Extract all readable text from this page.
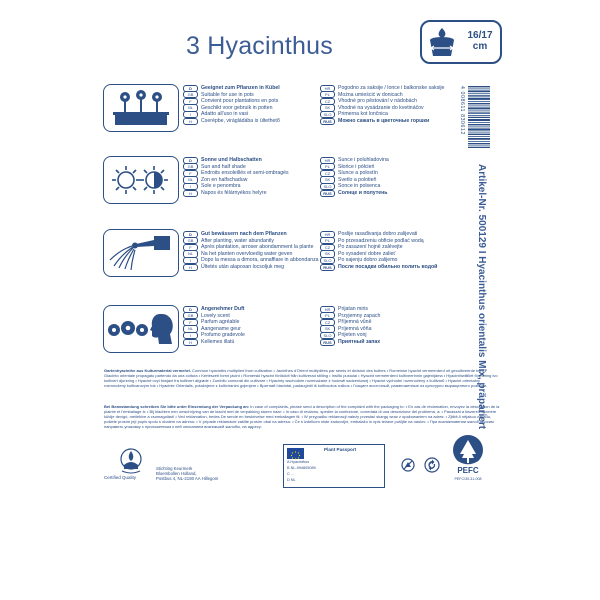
3 Hyacinthus	16/17
cm
D	Geeignet zum Pflanzen in Kübel
GB	Suitable for use in pots
F	Convient pour plantations en pots
NL	Geschikt voor gebruik in potten
I	Adatto all'uso in vasi
H	Cserépbe, virágládába is ültethető
HR	Pogodno za saksije / lonce i balkonske saksije
PL	Można umieścić w donicach
CZ	Vhodné pro pěstování v nádobách
SK	Vhodné na vysádzanie do kvetináčov
SLO	Primerna kot lončnica
RUS	Можно сажать в цветочные горшки
D	Sonne und Halbschatten
GB	Sun and half shade
F	Endroits ensoleillés et semi-ombragés
NL	Zon en halfschaduw
I	Sole e penombra
H	Napos és félárnyékos helyre
HR	Sunce i poluhladovina
PL	Słońce i półcień
CZ	Slunce a polostín
SK	Svetlo a polotieň
SLO	Sonce in polsenca
RUS	Солнце и полутень
D	Gut bewässern nach dem Pflanzen
GB	After planting, water abundantly
F	Après plantation, arroser abondamment la plante
NL	Na het planten overvloedig water geven
I	Dopo la messa a dimora, annaffiare in abbondanza
H	Ültetés után alaposan locsoljuk meg
HR	Poslije rasađivanja dobro zalijevati
PL	Po przesadzeniu obficie podlać wodą
CZ	Po zasazení hojně zalévejte
SK	Po vysadení dobre zalieť
SLO	Po sajenju dobro zalijemo
RUS	После посадки обильно полить водой
D	Angenehmer Duft
GB	Lovely scent
F	Parfum agréable
NL	Aangename geur
I	Profumo gradevole
H	Kellemes illatú
HR	Prijatan miris
PL	Przyjemny zapach
CZ	Příjemná vůně
SK	Príjemná vôňa
SLO	Prijeten vonj
RUS	Приятный запах
4 008611 830612
Artikel-Nr. 500129 I Hyacinthus orientalis Mix, präpariert
Gartenhyazinthe aus Kulturmaterial vermehrt. Common hyacinths multiplied from cultivation • Jacinthes d'Orient multipliées par semis et division des bulbes • Romeinse hyacint vermeerderd uit gecultiveerde teelt • Giacinto orientale propagato partendo da una coltura • Kertészeti forrni jácint • Romerski hyacint föröködt från kultiverad stilling • Insiltó pustulai • Hyacint vermeerderd kultiveerinnin gajenijáma • Hyacinthwilliliet förmering ivo kultivert djurkring • Hyacint·ovyi fówjáct fra kultivert afgrøde • Zumbllo comunál din cultivare • Hyacinty wschodnie rozmnażane z hodowli sadzeniowej • Hyacint východní rozmnožený z kultivarů • Hyacint orientalny rozmnožený kultivarovým tok • Hyacinte Orientalis, potaknjene z kultiviranim gojenjem • Вритнай hiacintai, padaugintii iš kultivuotos ruškos • Гиацинт восточный, размноженные из культурно выращенного розеоди.
Bei Beanstandung schreiben Sie bitte unter Einsendung der Verpackung an: In case of complaints, please send a description of the complaint with the packaging to: • En cas de réclamation, envoyez la description de la plainte et l'emballage à: • Bij klachten een omschrijving van de klacht met de verpakking sturen naar: • In caso di reclamo, spedire la confezione, corredata di una descrizione del problema, a: • Panaszát a kiszerelés címére küldje devigó, melléklve a csomagolást! • Ved reklamation, bedes De sende en beskrivelse med emballagen til: • W przypadku reklamacji należy przesłać skargę wraz z opakowaniem na adres: • Zjiště-li nějakou závadu, pošlete prosím její popis spolu s obalem na adresu: • V prípade reklamácie zašlite prosím obal na adresu: • Če s izdelkom niste zadovoljni, embalažo in opis težave pošljite na naslov: • При возникновении жалоб просим направить упаковку с приложенным к ней описанием возникшей жалобы, на адресу:
Certified Quality
Stichting Keurmerk
Bloembollen Holland,
Postbus 4, NL-2180 AA Hillegom
Plant Passport
A Hyacinthus
B NL-994805089
C ...
D NL
PEFC
PEFC/30-31-008
